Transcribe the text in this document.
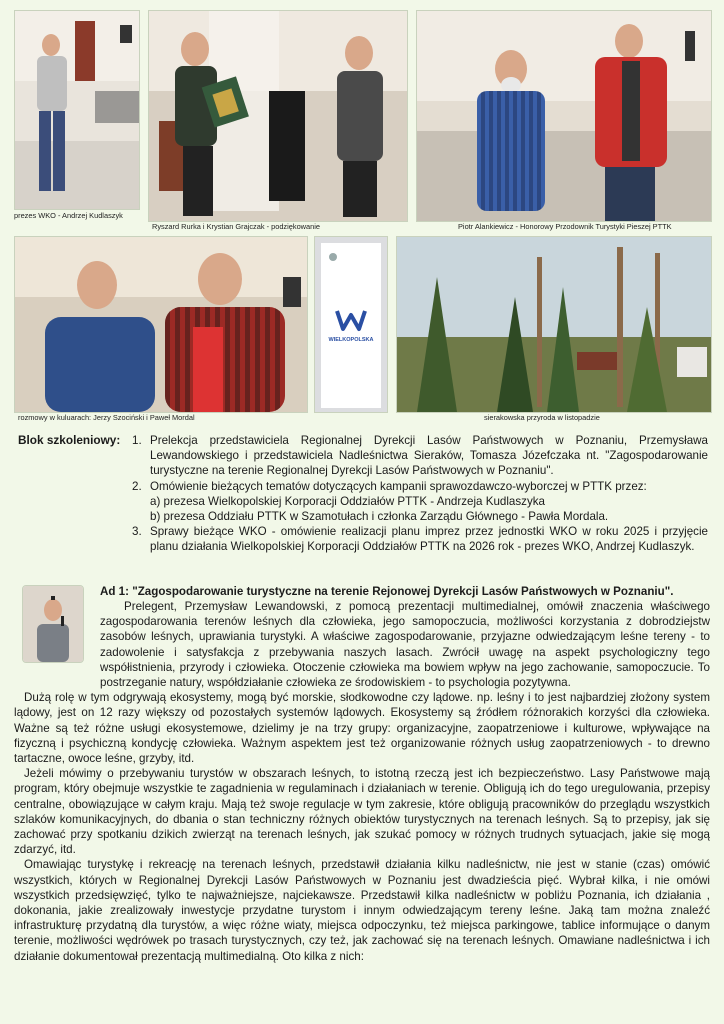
prezes WKO - Andrzej Kudlaszyk
Ryszard Rurka i Krystian Grajczak - podziękowanie	Piotr Alankiewicz - Honorowy Przodownik Turystyki Pieszej PTTK
rozmowy w kuluarach: Jerzy Szociński i Paweł Mordal
WIELKOPOLSKA
sierakowska przyroda w listopadzie
Blok szkoleniowy: 1. Prelekcja przedstawiciela Regionalnej Dyrekcji Lasów Państwowych w Poznaniu, Przemysława Lewandowskiego i przedstawiciela Nadleśnictwa Sieraków, Tomasza Józefczaka nt. "Zagospodarowanie turystyczne na terenie Regionalnej Dyrekcji Lasów Państwowych w Poznaniu".
2. Omówienie bieżących tematów dotyczących kampanii sprawozdawczo-wyborczej w PTTK przez:
a) prezesa Wielkopolskiej Korporacji Oddziałów PTTK - Andrzeja Kudlaszyka
b) prezesa Oddziału PTTK w Szamotułach i członka Zarządu Głównego - Pawła Mordala.
3. Sprawy bieżące WKO - omówienie realizacji planu imprez przez jednostki WKO w roku 2025 i przyjęcie planu działania Wielkopolskiej Korporacji Oddziałów PTTK na 2026 rok - prezes WKO, Andrzej Kudlaszyk.

Ad 1: "Zagospodarowanie turystyczne na terenie Rejonowej Dyrekcji Lasów Państwowych w Poznaniu".

Prelegent, Przemysław Lewandowski, z pomocą prezentacji multimedialnej, omówił znaczenia właściwego zagospodarowania terenów leśnych dla człowieka, jego samopoczucia, możliwości korzystania z dobrodziejstw zasobów leśnych, uprawiania turystyki. A właściwe zagospodarowanie, przyjazne odwiedzającym leśne tereny - to zadowolenie i satysfakcja z przebywania naszych lasach. Zwrócił uwagę na aspekt psychologiczny tego współistnienia, przyrody i człowieka. Otoczenie człowieka ma bowiem wpływ na jego zachowanie, samopoczucie. To postrzeganie natury, współdziałanie człowieka ze środowiskiem - to psychologia pozytywna.

Dużą rolę w tym odgrywają ekosystemy, mogą być morskie, słodkowodne czy lądowe. np. leśny i to jest najbardziej złożony system lądowy, jest on 12 razy większy od pozostałych systemów lądowych. Ekosystemy są źródłem różnorakich korzyści dla człowieka. Ważne są też różne usługi ekosystemowe, dzielimy je na trzy grupy: organizacyjne, zaopatrzeniowe i kulturowe, wpływające na fizyczną i psychiczną kondycję człowieka. Ważnym aspektem jest też organizowanie różnych usług zaopatrzeniowych - to drewno tartaczne, owoce leśne, grzyby, itd.

Jeżeli mówimy o przebywaniu turystów w obszarach leśnych, to istotną rzeczą jest ich bezpieczeństwo. Lasy Państwowe mają program, który obejmuje wszystkie te zagadnienia w regulaminach i działaniach w terenie. Obligują ich do tego uregulowania, przepisy centralne, obowiązujące w całym kraju. Mają też swoje regulacje w tym zakresie, które obligują pracowników do przeglądu wszystkich szlaków komunikacyjnych, do dbania o stan techniczny różnych obiektów turystycznych na terenach leśnych. Są to przepisy, jak się zachować przy spotkaniu dzikich zwierząt na terenach leśnych, jak szukać pomocy w różnych trudnych sytuacjach, jakie się mogą zdarzyć, itd.

Omawiając turystykę i rekreację na terenach leśnych, przedstawił działania kilku nadleśnictw, nie jest w stanie (czas) omówić wszystkich, których w Regionalnej Dyrekcji Lasów Państwowych w Poznaniu jest dwadzieścia pięć. Wybrał kilka, i nie omówi wszystkich przedsięwzięć, tylko te najważniejsze, najciekawsze. Przedstawił kilka nadleśnictw w pobliżu Poznania, ich działania , dokonania, jakie zrealizowały inwestycje przydatne turystom i innym odwiedzającym tereny leśne. Jaką tam można znaleźć infrastrukturę przydatną dla turystów, a więc różne wiaty, miejsca odpoczynku, też miejsca parkingowe, tablice informujące o danym terenie, możliwości wędrówek po trasach turystycznych, czy też, jak zachować się na terenach leśnych. Omawiane nadleśnictwa i ich działanie dokumentował prezentacją multimedialną. Oto kilka z nich:
